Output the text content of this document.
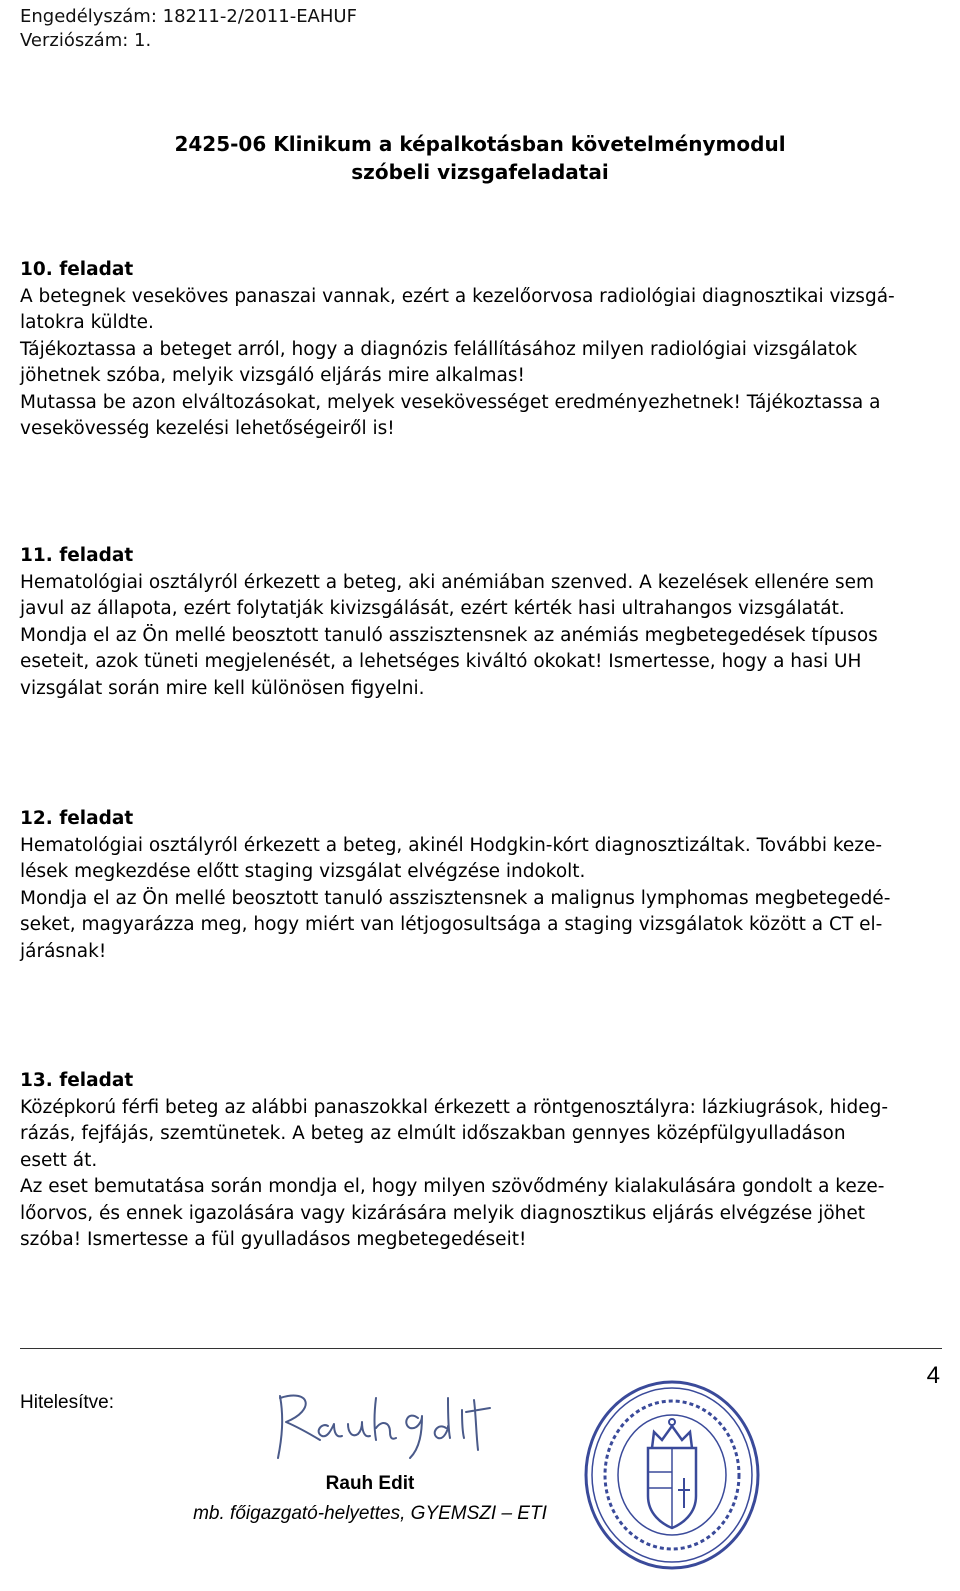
Engedélyszám: 18211-2/2011-EAHUF
Verziószám: 1.
2425-06 Klinikum a képalkotásban követelménymodul
szóbeli vizsgafeladatai
10. feladat

A betegnek veseköves panaszai vannak, ezért a kezelőorvosa radiológiai diagnosztikai vizsgá-

latokra küldte.

Tájékoztassa a beteget arról, hogy a diagnózis felállításához milyen radiológiai vizsgálatok

jöhetnek szóba, melyik vizsgáló eljárás mire alkalmas!

Mutassa be azon elváltozásokat, melyek vesekövességet eredményezhetnek! Tájékoztassa a

vesekövesség kezelési lehetőségeiről is!

11. feladat

Hematológiai osztályról érkezett a beteg, aki anémiában szenved. A kezelések ellenére sem

javul az állapota, ezért folytatják kivizsgálását, ezért kérték hasi ultrahangos vizsgálatát.

Mondja el az Ön mellé beosztott tanuló asszisztensnek az anémiás megbetegedések típusos

eseteit, azok tüneti megjelenését, a lehetséges kiváltó okokat! Ismertesse, hogy a hasi UH

vizsgálat során mire kell különösen figyelni.

12. feladat

Hematológiai osztályról érkezett a beteg, akinél Hodgkin-kórt diagnosztizáltak. További keze-

lések megkezdése előtt staging vizsgálat elvégzése indokolt.

Mondja el az Ön mellé beosztott tanuló asszisztensnek a malignus lymphomas megbetegedé-

seket, magyarázza meg, hogy miért van létjogosultsága a staging vizsgálatok között a CT el-

járásnak!

13. feladat

Középkorú férfi beteg az alábbi panaszokkal érkezett a röntgenosztályra: lázkiugrások, hideg-

rázás, fejfájás, szemtünetek. A beteg az elmúlt időszakban gennyes középfülgyulladáson

esett át.

Az eset bemutatása során mondja el, hogy milyen szövődmény kialakulására gondolt a keze-

lőorvos, és ennek igazolására vagy kizárására melyik diagnosztikus eljárás elvégzése jöhet

szóba! Ismertesse a fül gyulladásos megbetegedéseit!

4
Hitelesítve:
Rauh Edit
mb. főigazgató-helyettes, GYEMSZI – ETI
